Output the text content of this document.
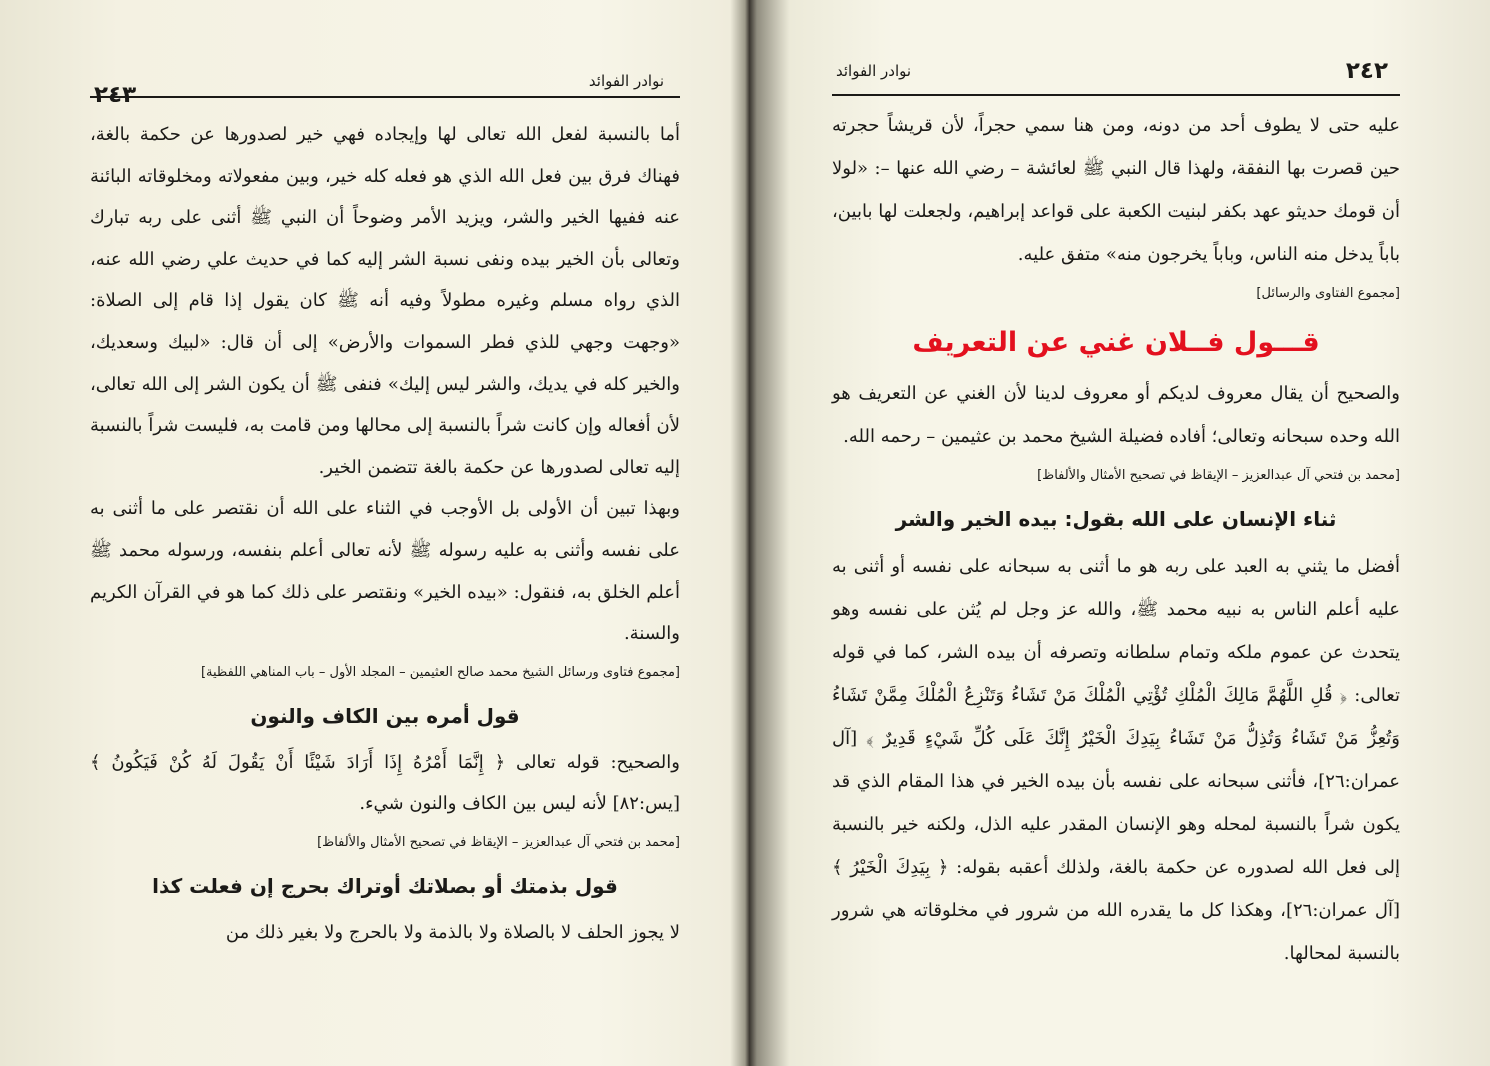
٢٤٣
نوادر الفوائد

أما بالنسبة لفعل الله تعالى لها وإيجاده فهي خير لصدورها عن حكمة بالغة، فهناك فرق بين فعل الله الذي هو فعله كله خير، وبين مفعولاته ومخلوقاته البائنة عنه ففيها الخير والشر، ويزيد الأمر وضوحاً أن النبي ﷺ أثنى على ربه تبارك وتعالى بأن الخير بيده ونفى نسبة الشر إليه كما في حديث علي رضي الله عنه، الذي رواه مسلم وغيره مطولاً وفيه أنه ﷺ كان يقول إذا قام إلى الصلاة: «وجهت وجهي للذي فطر السموات والأرض» إلى أن قال: «لبيك وسعديك، والخير كله في يديك، والشر ليس إليك» فنفى ﷺ أن يكون الشر إلى الله تعالى، لأن أفعاله وإن كانت شراً بالنسبة إلى محالها ومن قامت به، فليست شراً بالنسبة إليه تعالى لصدورها عن حكمة بالغة تتضمن الخير.

وبهذا تبين أن الأولى بل الأوجب في الثناء على الله أن نقتصر على ما أثنى به على نفسه وأثنى به عليه رسوله ﷺ لأنه تعالى أعلم بنفسه، ورسوله محمد ﷺ أعلم الخلق به، فنقول: «بيده الخير» ونقتصر على ذلك كما هو في القرآن الكريم والسنة.

[مجموع فتاوى ورسائل الشيخ محمد صالح العثيمين – المجلد الأول – باب المناهي اللفظية]
قول أمره بين الكاف والنون

والصحيح: قوله تعالى ﴿ إِنَّمَا أَمْرُهُ إِذَا أَرَادَ شَيْئًا أَنْ يَقُولَ لَهُ كُنْ فَيَكُونُ ﴾ [يس:٨٢] لأنه ليس بين الكاف والنون شيء.

[محمد بن فتحي آل عبدالعزيز – الإيقاظ في تصحيح الأمثال والألفاظ]
قول بذمتك أو بصلاتك أوتراك بحرج إن فعلت كذا

لا يجوز الحلف لا بالصلاة ولا بالذمة ولا بالحرج ولا بغير ذلك من

٢٤٢
نوادر الفوائد

عليه حتى لا يطوف أحد من دونه، ومن هنا سمي حجراً، لأن قريشاً حجرته حين قصرت بها النفقة، ولهذا قال النبي ﷺ لعائشة – رضي الله عنها –: «لولا أن قومك حديثو عهد بكفر لبنيت الكعبة على قواعد إبراهيم، ولجعلت لها بابين، باباً يدخل منه الناس، وباباً يخرجون منه» متفق عليه.

[مجموع الفتاوى والرسائل]
قـــول فــلان غني عن التعريف

والصحيح أن يقال معروف لديكم أو معروف لدينا لأن الغني عن التعريف هو الله وحده سبحانه وتعالى؛ أفاده فضيلة الشيخ محمد بن عثيمين – رحمه الله.

[محمد بن فتحي آل عبدالعزيز – الإيقاظ في تصحيح الأمثال والألفاظ]
ثناء الإنسان على الله بقول: بيده الخير والشر

أفضل ما يثني به العبد على ربه هو ما أثنى به سبحانه على نفسه أو أثنى به عليه أعلم الناس به نبيه محمد ﷺ، والله عز وجل لم يُثن على نفسه وهو يتحدث عن عموم ملكه وتمام سلطانه وتصرفه أن بيده الشر، كما في قوله تعالى: ﴿ قُلِ اللَّهُمَّ مَالِكَ الْمُلْكِ تُؤْتِي الْمُلْكَ مَنْ تَشَاءُ وَتَنْزِعُ الْمُلْكَ مِمَّنْ تَشَاءُ وَتُعِزُّ مَنْ تَشَاءُ وَتُذِلُّ مَنْ تَشَاءُ بِيَدِكَ الْخَيْرُ إِنَّكَ عَلَى كُلِّ شَيْءٍ قَدِيرٌ ﴾ [آل عمران:٢٦]، فأثنى سبحانه على نفسه بأن بيده الخير في هذا المقام الذي قد يكون شراً بالنسبة لمحله وهو الإنسان المقدر عليه الذل، ولكنه خير بالنسبة إلى فعل الله لصدوره عن حكمة بالغة، ولذلك أعقبه بقوله: ﴿ بِيَدِكَ الْخَيْرُ ﴾ [آل عمران:٢٦]، وهكذا كل ما يقدره الله من شرور في مخلوقاته هي شرور بالنسبة لمحالها.
